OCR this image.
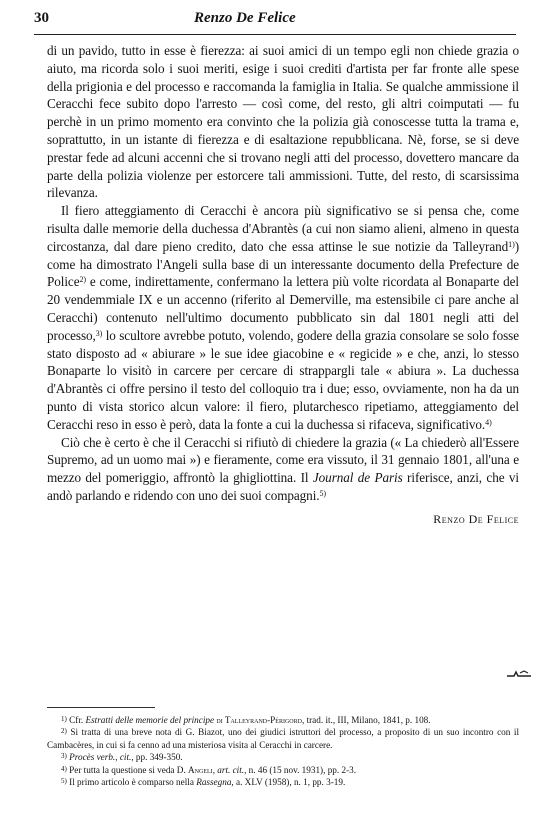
30	Renzo De Felice

di un pavido, tutto in esse è fierezza: ai suoi amici di un tempo egli non chiede grazia o aiuto, ma ricorda solo i suoi meriti, esige i suoi crediti d'artista per far fronte alle spese della prigionia e del processo e raccomanda la famiglia in Italia. Se qualche ammissione il Ceracchi fece subito dopo l'arresto — così come, del resto, gli altri coimputati — fu perchè in un primo momento era convinto che la polizia già conoscesse tutta la trama e, soprattutto, in un istante di fierezza e di esaltazione repubblicana. Nè, forse, se si deve prestar fede ad alcuni accenni che si trovano negli atti del processo, dovettero mancare da parte della polizia violenze per estorcere tali ammissioni. Tutte, del resto, di scarsissima rilevanza.

Il fiero atteggiamento di Ceracchi è ancora più significativo se si pensa che, come risulta dalle memorie della duchessa d'Abrantès (a cui non siamo alieni, almeno in questa circostanza, dal dare pieno credito, dato che essa attinse le sue notizie da Talleyrand$^{1)}$) come ha dimostrato l'Angeli sulla base di un interessante documento della Prefecture de Police$^{2)}$ e come, indirettamente, confermano la lettera più volte ricordata al Bonaparte del 20 vendemmiale IX e un accenno (riferito al Demerville, ma estensibile ci pare anche al Ceracchi) contenuto nell'ultimo documento pubblicato sin dal 1801 negli atti del processo,$^{3)}$ lo scultore avrebbe potuto, volendo, godere della grazia consolare se solo fosse stato disposto ad « abiurare » le sue idee giacobine e « regicide » e che, anzi, lo stesso Bonaparte lo visitò in carcere per cercare di strappargli tale « abiura ». La duchessa d'Abrantès ci offre persino il testo del colloquio tra i due; esso, ovviamente, non ha da un punto di vista storico alcun valore: il fiero, plutarchesco ripetiamo, atteggiamento del Ceracchi reso in esso è però, data la fonte a cui la duchessa si rifaceva, significativo.$^{4)}$

Ciò che è certo è che il Ceracchi si rifiutò di chiedere la grazia (« La chiederò all'Essere Supremo, ad un uomo mai ») e fieramente, come era vissuto, il 31 gennaio 1801, all'una e mezzo del pomeriggio, affrontò la ghigliottina. Il Journal de Paris riferisce, anzi, che vi andò parlando e ridendo con uno dei suoi compagni.$^{5)}$

Renzo De Felice

$^{1)}$ Cfr. Estratti delle memorie del principe di Talleyrand-Périgord, trad. it., III, Milano, 1841, p. 108.

$^{2)}$ Si tratta di una breve nota di G. Biazot, uno dei giudici istruttori del processo, a proposito di un suo incontro con il Cambacères, in cui si fa cenno ad una misteriosa visita al Ceracchi in carcere.

$^{3)}$ Procès verb., cit., pp. 349-350.

$^{4)}$ Per tutta la questione si veda D. Angeli, art. cit., n. 46 (15 nov. 1931), pp. 2-3.

$^{5)}$ Il primo articolo è comparso nella Rassegna, a. XLV (1958), n. 1, pp. 3-19.
